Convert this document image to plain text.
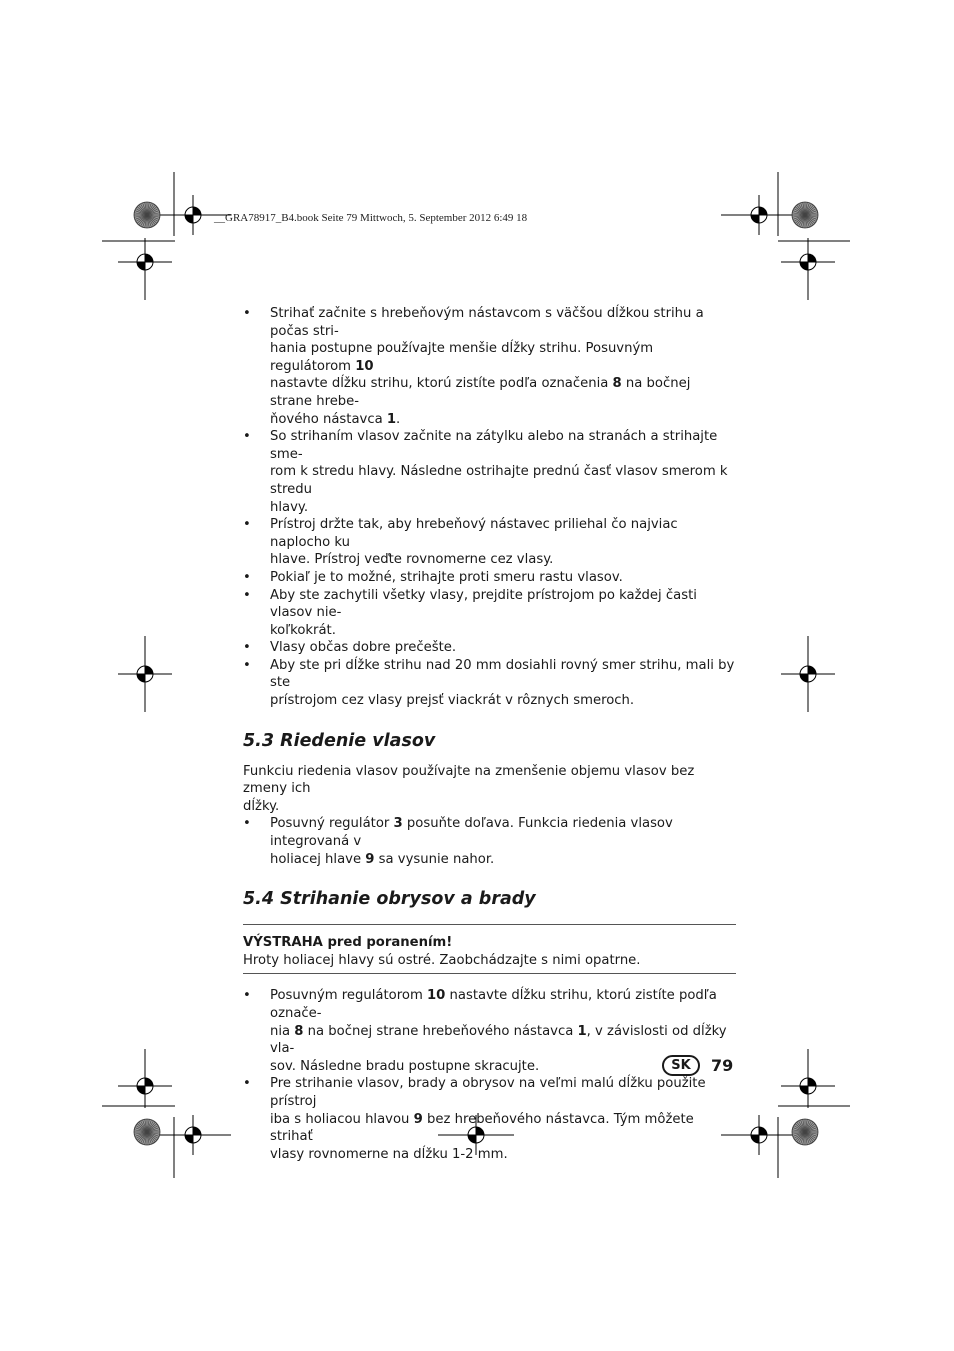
__GRA78917_B4.book Seite 79 Mittwoch, 5. September 2012 6:49 18
• Strihať začnite s hrebeňovým nástavcom s väčšou dĺžkou strihu a počas stri-
hania postupne používajte menšie dĺžky strihu. Posuvným regulátorom 10
nastavte dĺžku strihu, ktorú zistíte podľa označenia 8 na bočnej strane hrebe-
ňového nástavca 1.
• So strihaním vlasov začnite na zátylku alebo na stranách a strihajte sme-
rom k stredu hlavy. Následne ostrihajte prednú časť vlasov smerom k stredu
hlavy.
• Prístroj držte tak, aby hrebeňový nástavec priliehal čo najviac naplocho ku
hlave. Prístroj veďte rovnomerne cez vlasy.
• Pokiaľ je to možné, strihajte proti smeru rastu vlasov.
• Aby ste zachytili všetky vlasy, prejdite prístrojom po každej časti vlasov nie-
koľkokrát.
• Vlasy občas dobre prečešte.
• Aby ste pri dĺžke strihu nad 20 mm dosiahli rovný smer strihu, mali by ste
prístrojom cez vlasy prejsť viackrát v rôznych smeroch.
5.3 Riedenie vlasov

Funkciu riedenia vlasov používajte na zmenšenie objemu vlasov bez zmeny ich
dĺžky.

• Posuvný regulátor 3 posuňte doľava. Funkcia riedenia vlasov integrovaná v
holiacej hlave 9 sa vysunie nahor.
5.4 Strihanie obrysov a brady
VÝSTRAHA pred poranením!
Hroty holiacej hlavy sú ostré. Zaobchádzajte s nimi opatrne.
• Posuvným regulátorom 10 nastavte dĺžku strihu, ktorú zistíte podľa označe-
nia 8 na bočnej strane hrebeňového nástavca 1, v závislosti od dĺžky vla-
sov. Následne bradu postupne skracujte.
• Pre strihanie vlasov, brady a obrysov na veľmi malú dĺžku použite prístroj
iba s holiacou hlavou 9 bez hrebeňového nástavca. Tým môžete strihať
vlasy rovnomerne na dĺžku 1-2 mm.
SK	79
